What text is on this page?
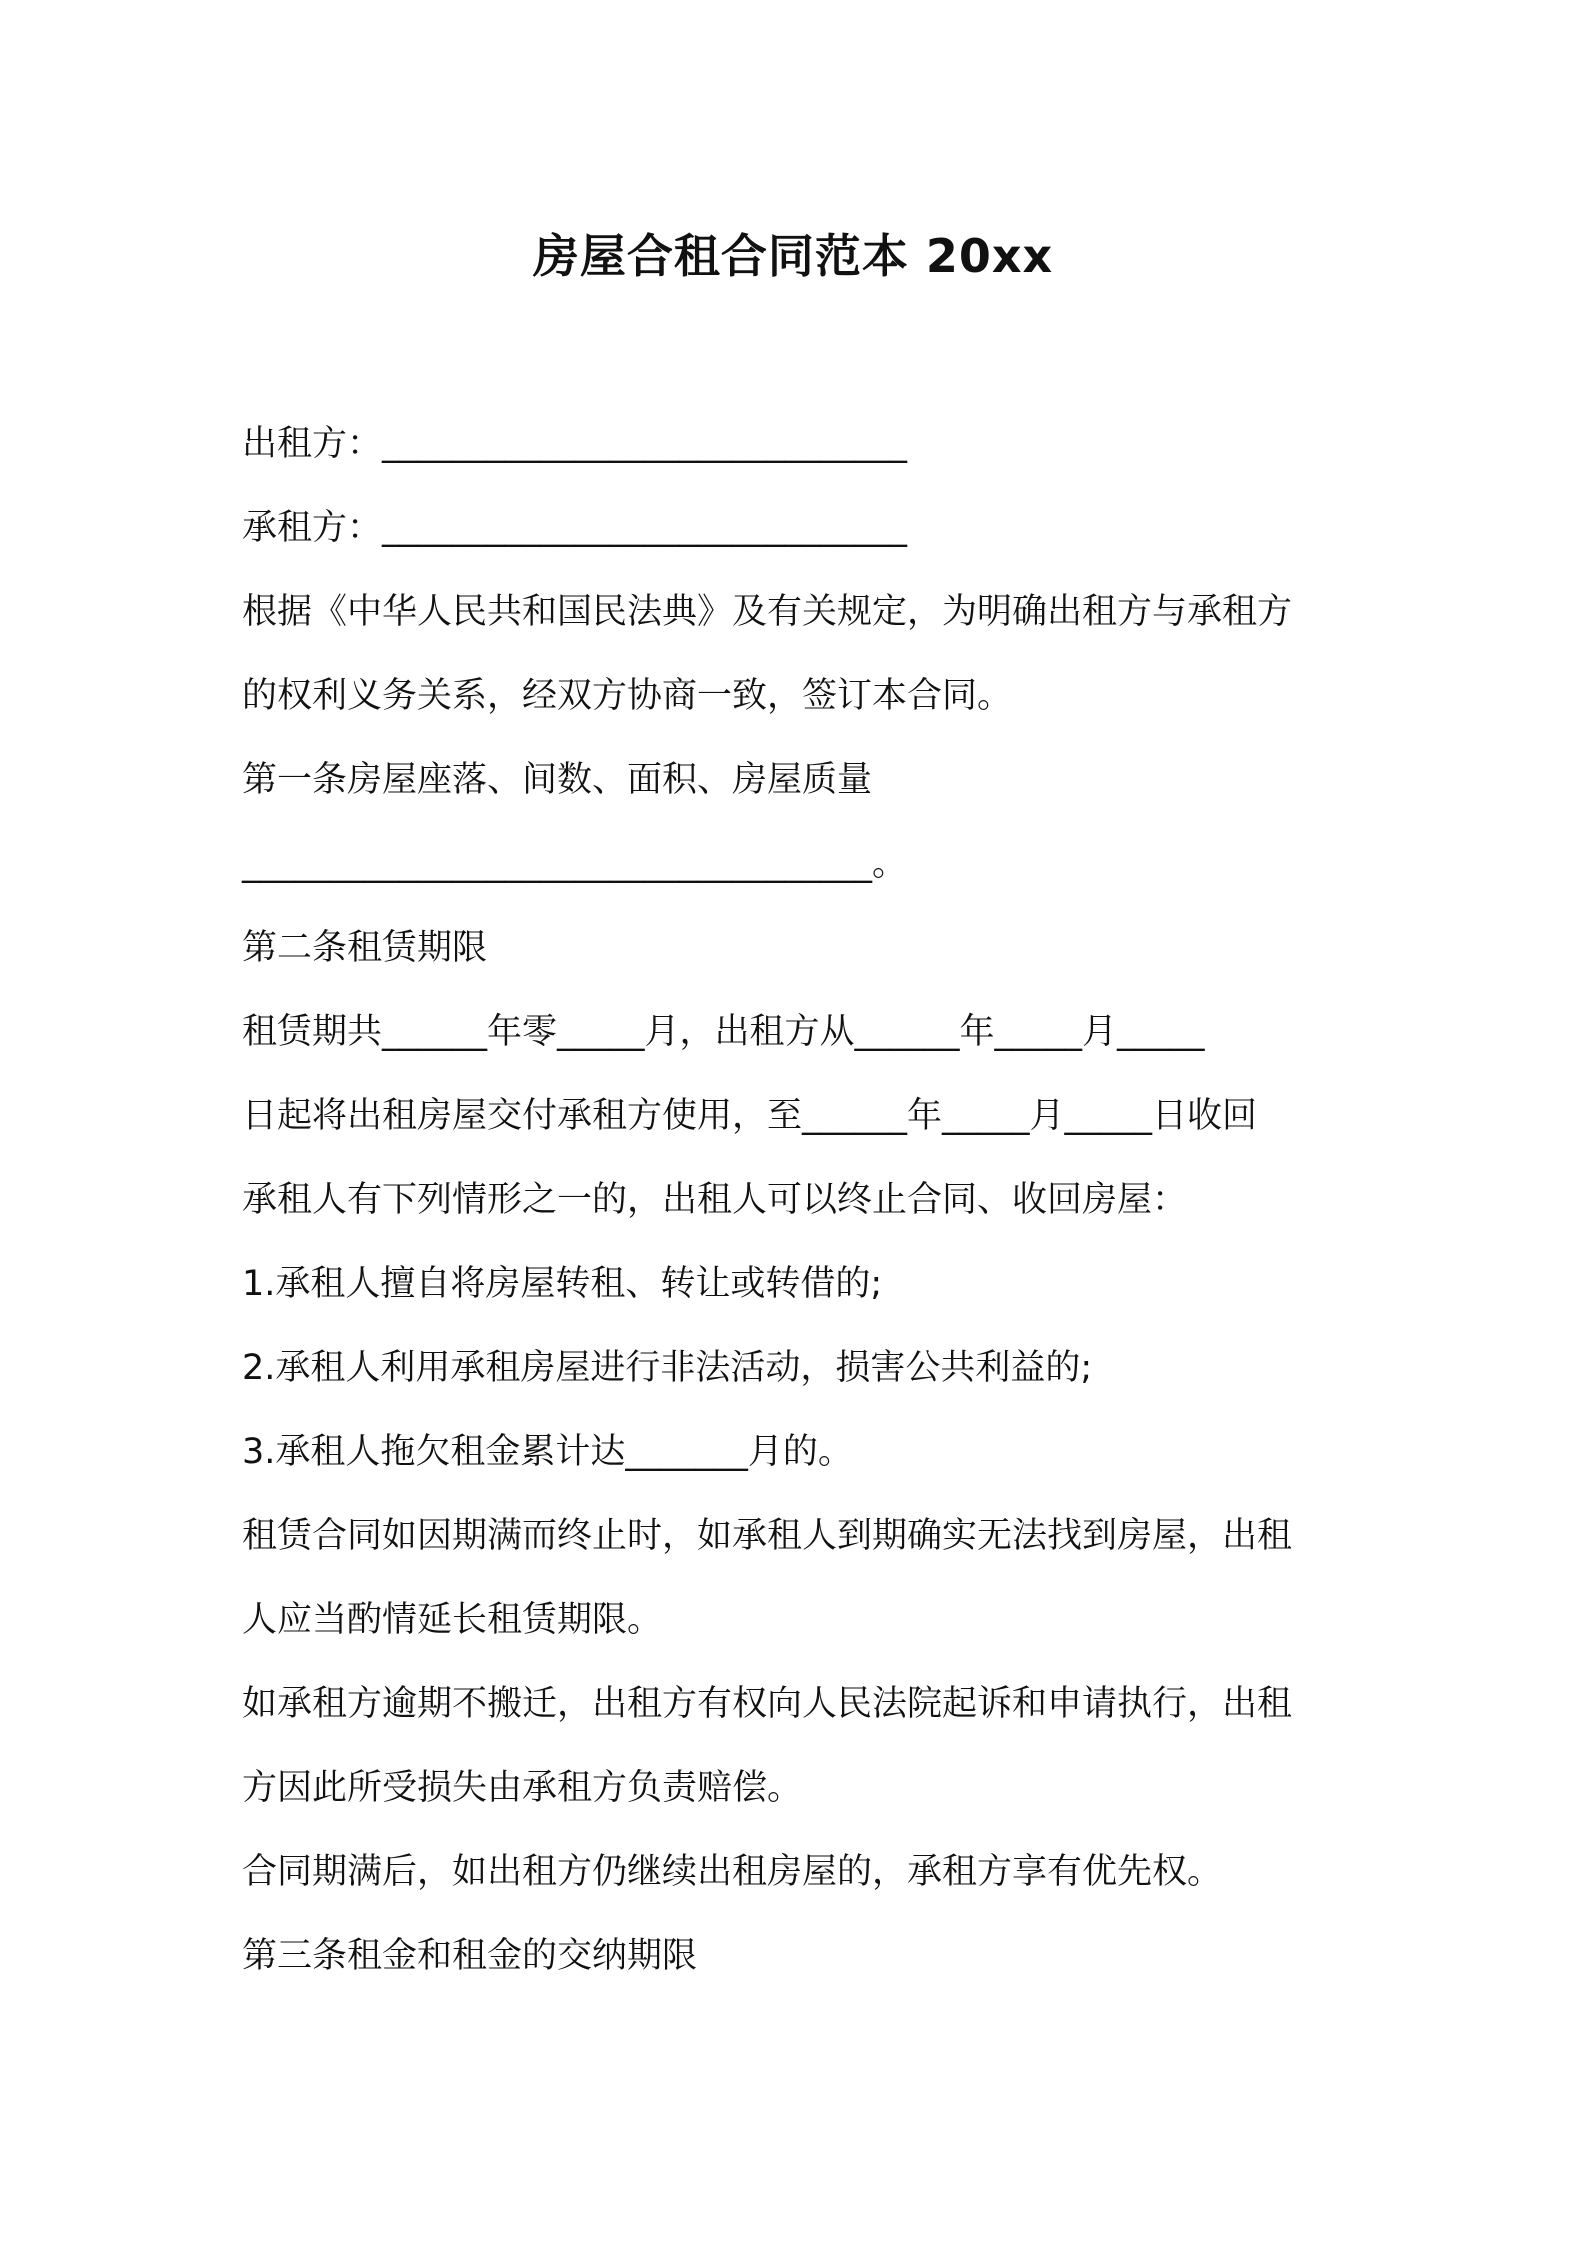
房屋合租合同范本 20xx
出租方：______________________________
承租方：______________________________
根据《中华人民共和国民法典》及有关规定，为明确出租方与承租方
的权利义务关系，经双方协商一致，签订本合同。
第一条房屋座落、间数、面积、房屋质量
____________________________________。
第二条租赁期限
租赁期共______年零_____月，出租方从______年_____月_____
日起将出租房屋交付承租方使用，至______年_____月_____日收回
承租人有下列情形之一的，出租人可以终止合同、收回房屋：
1.承租人擅自将房屋转租、转让或转借的;
2.承租人利用承租房屋进行非法活动，损害公共利益的;
3.承租人拖欠租金累计达_______月的。
租赁合同如因期满而终止时，如承租人到期确实无法找到房屋，出租
人应当酌情延长租赁期限。
如承租方逾期不搬迁，出租方有权向人民法院起诉和申请执行，出租
方因此所受损失由承租方负责赔偿。
合同期满后，如出租方仍继续出租房屋的，承租方享有优先权。
第三条租金和租金的交纳期限
